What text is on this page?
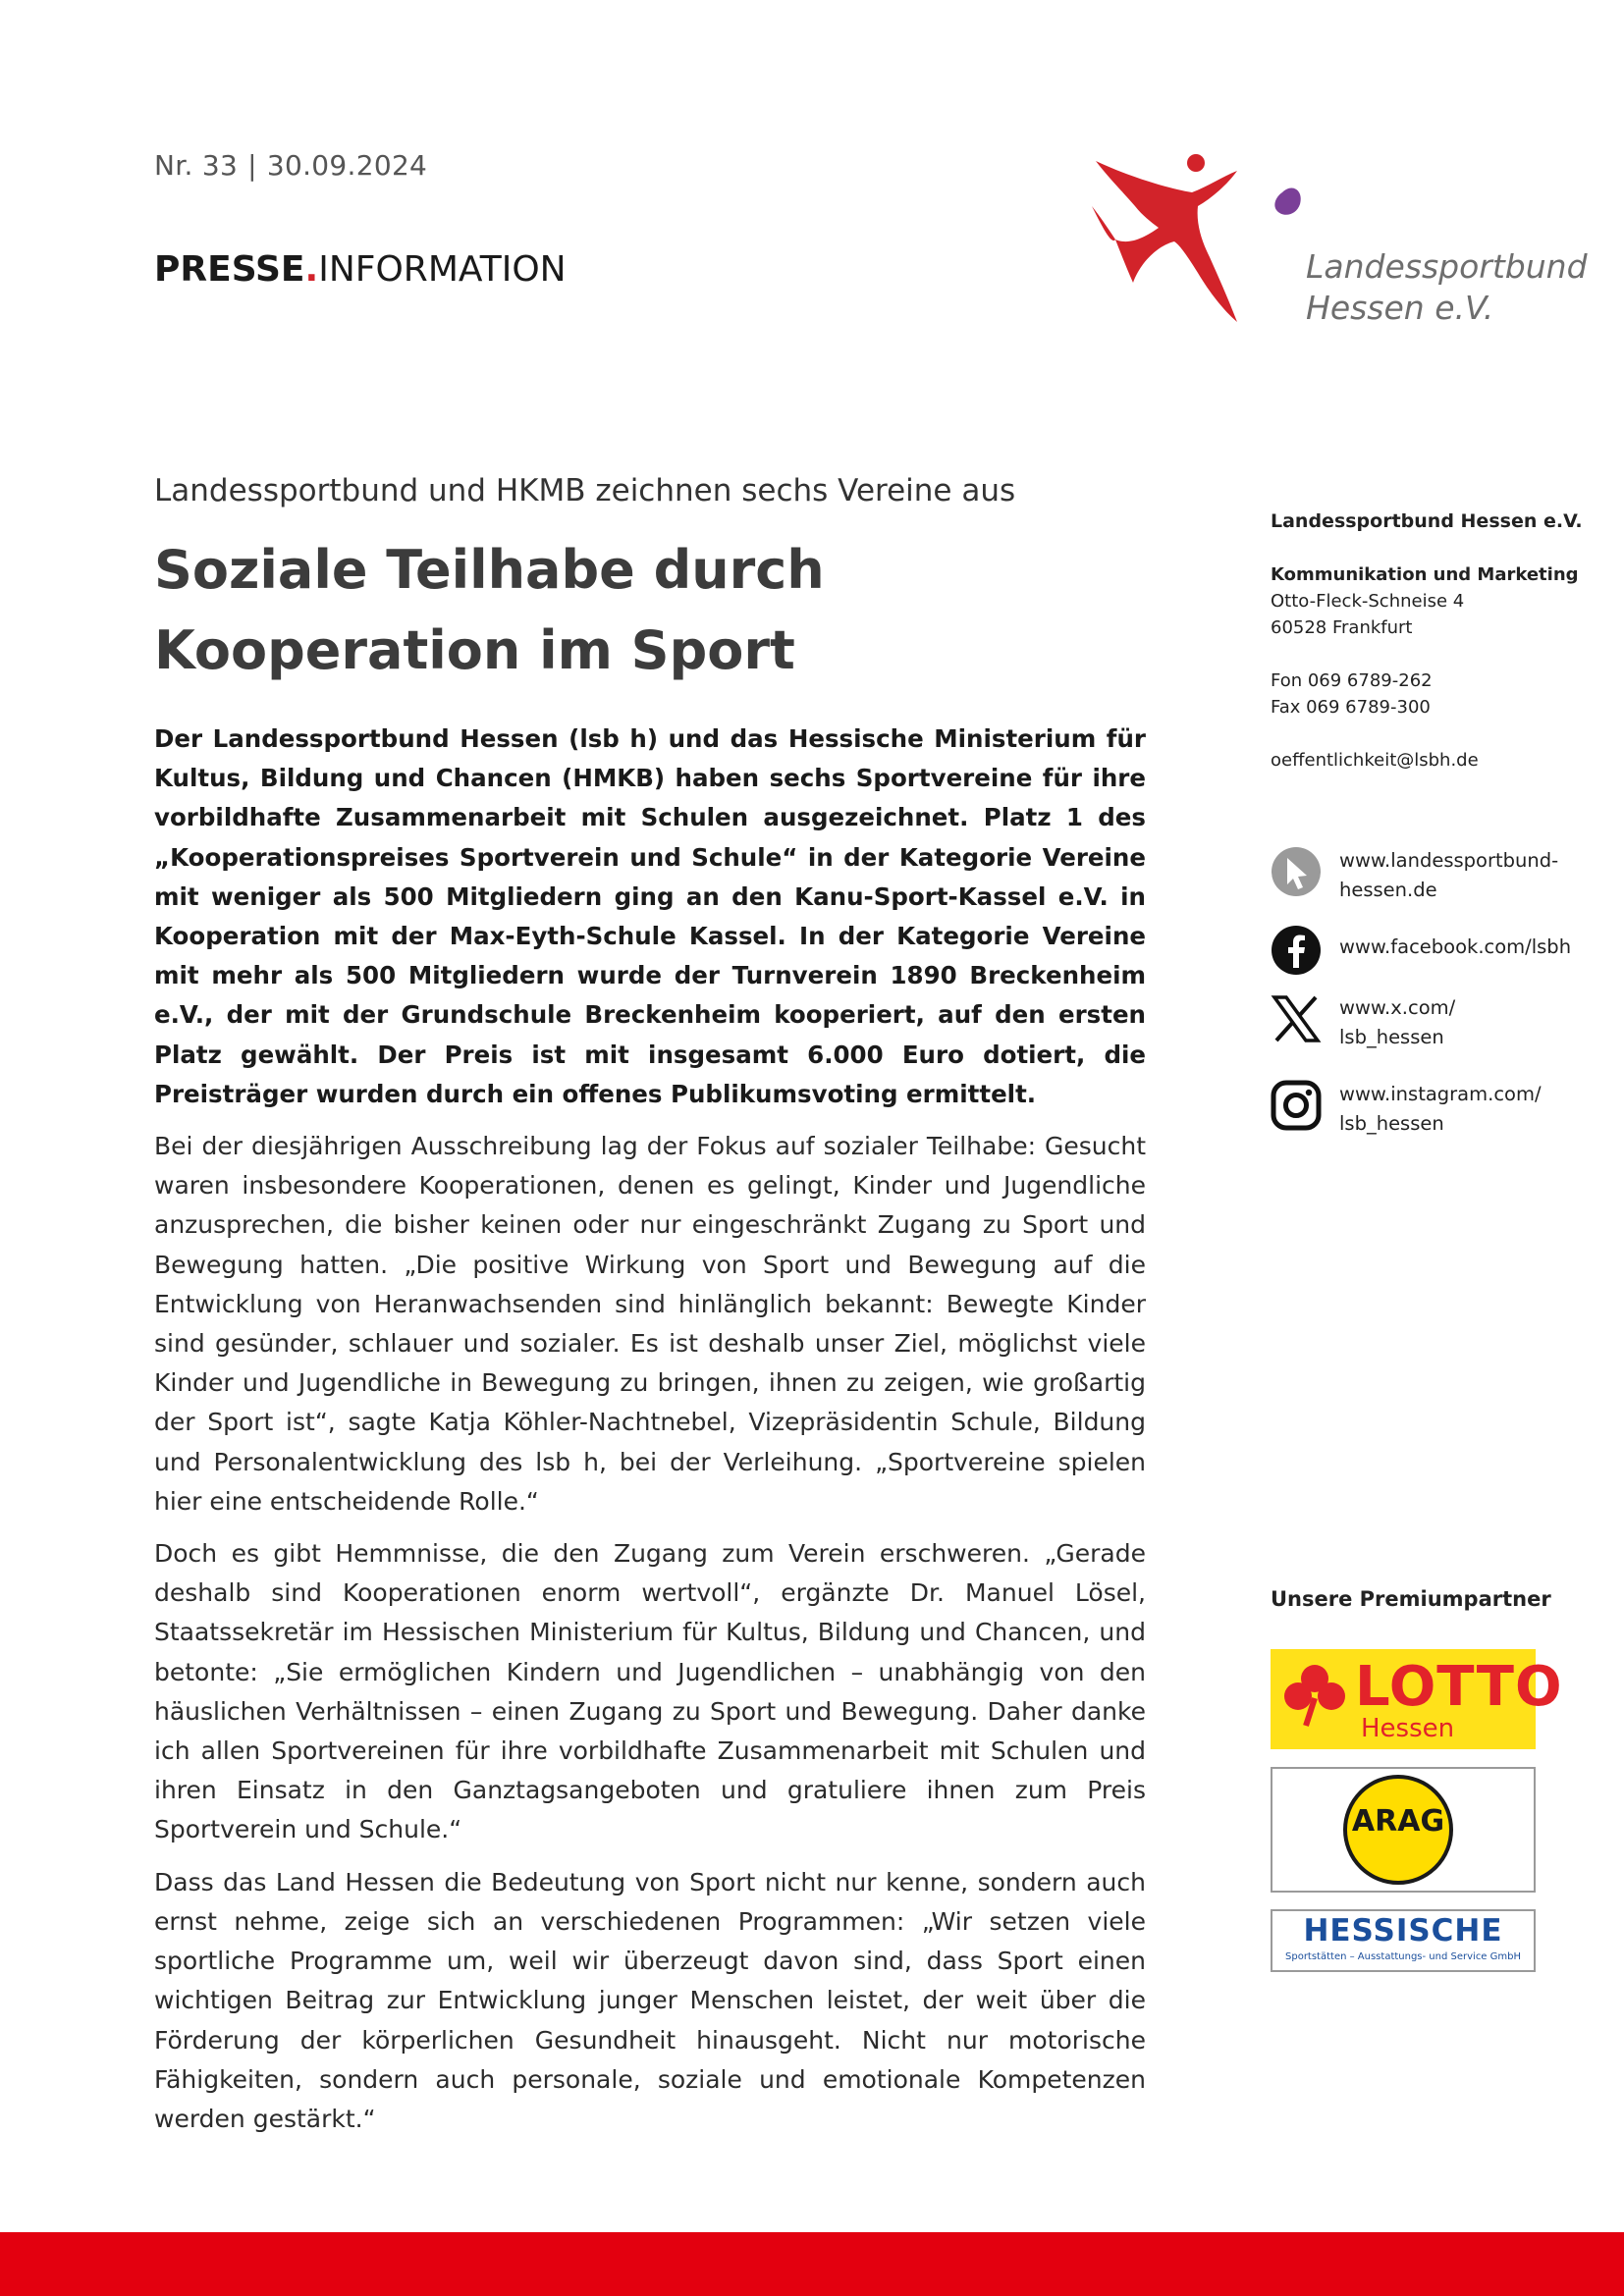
Nr. 33 | 30.09.2024
PRESSE.INFORMATION	Landessportbund
Hessen e.V.
Landessportbund und HKMB zeichnen sechs Vereine aus
Soziale Teilhabe durch
Kooperation im Sport

Der Landessportbund Hessen (lsb h) und das Hessische Ministerium für Kultus, Bildung und Chancen (HMKB) haben sechs Sportvereine für ihre vorbildhafte Zusammenarbeit mit Schulen ausgezeichnet. Platz 1 des „Kooperationspreises Sportverein und Schule“ in der Kategorie Vereine mit weniger als 500 Mitgliedern ging an den Kanu-Sport-Kassel e.V. in Kooperation mit der Max-Eyth-Schule Kassel. In der Kategorie Vereine mit mehr als 500 Mitgliedern wurde der Turnverein 1890 Breckenheim e.V., der mit der Grundschule Breckenheim kooperiert, auf den ersten Platz gewählt. Der Preis ist mit insgesamt 6.000 Euro dotiert, die Preisträger wurden durch ein offenes Publikumsvoting ermittelt.

Bei der diesjährigen Ausschreibung lag der Fokus auf sozialer Teilhabe: Gesucht waren insbesondere Kooperationen, denen es gelingt, Kinder und Jugendliche anzusprechen, die bisher keinen oder nur eingeschränkt Zugang zu Sport und Bewegung hatten. „Die positive Wirkung von Sport und Bewegung auf die Entwicklung von Heranwachsenden sind hinlänglich bekannt: Bewegte Kinder sind gesünder, schlauer und sozialer. Es ist deshalb unser Ziel, möglichst viele Kinder und Jugendliche in Bewegung zu bringen, ihnen zu zeigen, wie großartig der Sport ist“, sagte Katja Köhler-Nachtnebel, Vizepräsidentin Schule, Bildung und Personalentwicklung des lsb h, bei der Verleihung. „Sportvereine spielen hier eine entscheidende Rolle.“

Doch es gibt Hemmnisse, die den Zugang zum Verein erschweren. „Gerade deshalb sind Kooperationen enorm wertvoll“, ergänzte Dr. Manuel Lösel, Staatssekretär im Hessischen Ministerium für Kultus, Bildung und Chancen, und betonte: „Sie ermöglichen Kindern und Jugendlichen – unabhängig von den häuslichen Verhältnissen – einen Zugang zu Sport und Bewegung. Daher danke ich allen Sportvereinen für ihre vorbildhafte Zusammenarbeit mit Schulen und ihren Einsatz in den Ganztagsangeboten und gratuliere ihnen zum Preis Sportverein und Schule.“

Dass das Land Hessen die Bedeutung von Sport nicht nur kenne, sondern auch ernst nehme, zeige sich an verschiedenen Programmen: „Wir setzen viele sportliche Programme um, weil wir überzeugt davon sind, dass Sport einen wichtigen Beitrag zur Entwicklung junger Menschen leistet, der weit über die Förderung der körperlichen Gesundheit hinausgeht. Nicht nur motorische Fähigkeiten, sondern auch personale, soziale und emotionale Kompetenzen werden gestärkt.“

Landessportbund Hessen e.V.
Kommunikation und Marketing
Otto-Fleck-Schneise 4
60528 Frankfurt
Fon 069 6789-262
Fax 069 6789-300
oeffentlichkeit@lsbh.de
www.landessportbund-
hessen.de
www.facebook.com/lsbh
www.x.com/
lsb_hessen
www.instagram.com/
lsb_hessen
Unsere Premiumpartner
LOTTO
Hessen
ARAG
HESSISCHE
Sportstätten – Ausstattungs- und Service GmbH
